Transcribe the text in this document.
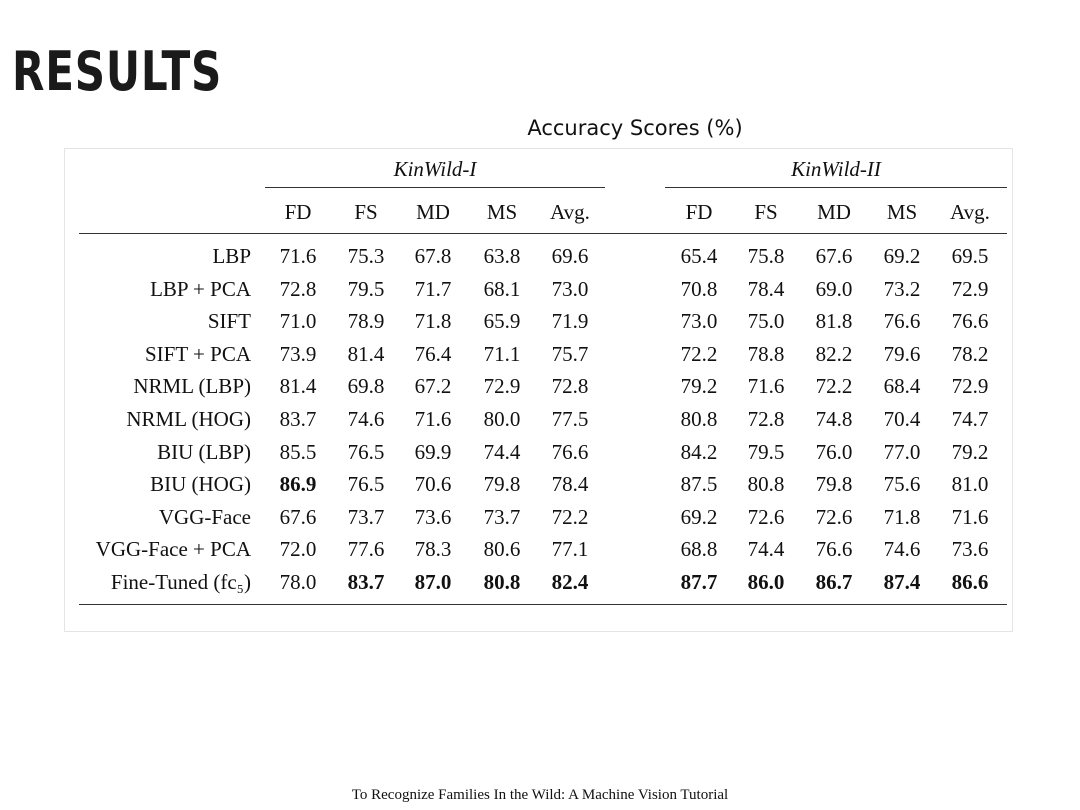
RESULTS
Accuracy Scores (%)
KinWild-I	KinWild-II
FD	FS	MD	MS	Avg.	FD	FS	MD	MS	Avg.
LBP	71.6	75.3	67.8	63.8	69.6	65.4	75.8	67.6	69.2	69.5
LBP + PCA	72.8	79.5	71.7	68.1	73.0	70.8	78.4	69.0	73.2	72.9
SIFT	71.0	78.9	71.8	65.9	71.9	73.0	75.0	81.8	76.6	76.6
SIFT + PCA	73.9	81.4	76.4	71.1	75.7	72.2	78.8	82.2	79.6	78.2
NRML (LBP)	81.4	69.8	67.2	72.9	72.8	79.2	71.6	72.2	68.4	72.9
NRML (HOG)	83.7	74.6	71.6	80.0	77.5	80.8	72.8	74.8	70.4	74.7
BIU (LBP)	85.5	76.5	69.9	74.4	76.6	84.2	79.5	76.0	77.0	79.2
BIU (HOG)	86.9	76.5	70.6	79.8	78.4	87.5	80.8	79.8	75.6	81.0
VGG-Face	67.6	73.7	73.6	73.7	72.2	69.2	72.6	72.6	71.8	71.6
VGG-Face + PCA	72.0	77.6	78.3	80.6	77.1	68.8	74.4	76.6	74.6	73.6
Fine-Tuned (fc₅)	78.0	83.7	87.0	80.8	82.4	87.7	86.0	86.7	87.4	86.6
To Recognize Families In the Wild: A Machine Vision Tutorial
